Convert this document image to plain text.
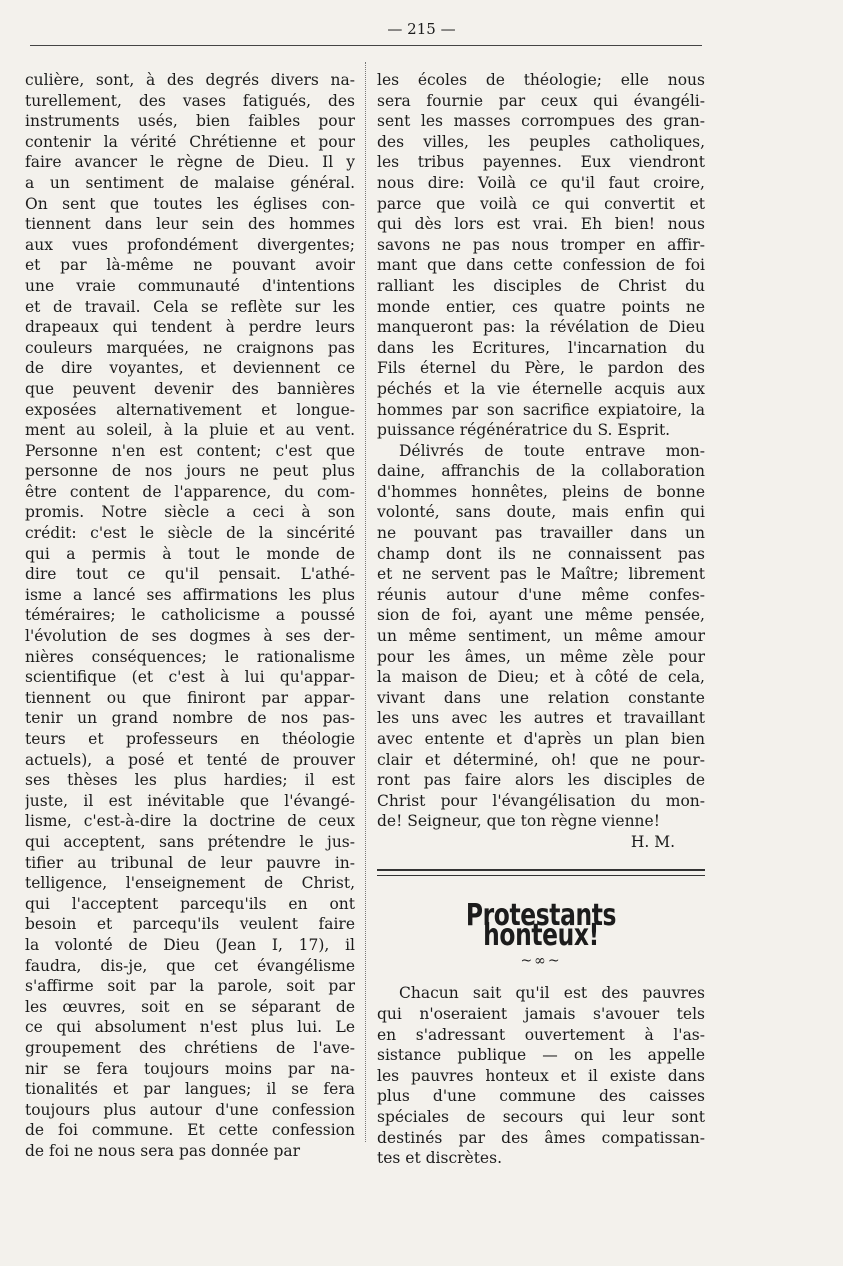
— 215 —
culière, sont, à des degrés divers na-
turellement, des vases fatigués, des
instruments usés, bien faibles pour
contenir la vérité Chrétienne et pour
faire avancer le règne de Dieu. Il y
a un sentiment de malaise général.
On sent que toutes les églises con-
tiennent dans leur sein des hommes
aux vues profondément divergentes;
et par là-même ne pouvant avoir
une vraie communauté d'intentions
et de travail. Cela se reflète sur les
drapeaux qui tendent à perdre leurs
couleurs marquées, ne craignons pas
de dire voyantes, et deviennent ce
que peuvent devenir des bannières
exposées alternativement et longue-
ment au soleil, à la pluie et au vent.
Personne n'en est content; c'est que
personne de nos jours ne peut plus
être content de l'apparence, du com-
promis. Notre siècle a ceci à son
crédit: c'est le siècle de la sincérité
qui a permis à tout le monde de
dire tout ce qu'il pensait. L'athé-
isme a lancé ses affirmations les plus
téméraires; le catholicisme a poussé
l'évolution de ses dogmes à ses der-
nières conséquences; le rationalisme
scientifique (et c'est à lui qu'appar-
tiennent ou que finiront par appar-
tenir un grand nombre de nos pas-
teurs et professeurs en théologie
actuels), a posé et tenté de prouver
ses thèses les plus hardies; il est
juste, il est inévitable que l'évangé-
lisme, c'est-à-dire la doctrine de ceux
qui acceptent, sans prétendre le jus-
tifier au tribunal de leur pauvre in-
telligence, l'enseignement de Christ,
qui l'acceptent parcequ'ils en ont
besoin et parcequ'ils veulent faire
la volonté de Dieu (Jean I, 17), il
faudra, dis-je, que cet évangélisme
s'affirme soit par la parole, soit par
les œuvres, soit en se séparant de
ce qui absolument n'est plus lui. Le
groupement des chrétiens de l'ave-
nir se fera toujours moins par na-
tionalités et par langues; il se fera
toujours plus autour d'une confession
de foi commune. Et cette confession
de foi ne nous sera pas donnée par
les écoles de théologie; elle nous
sera fournie par ceux qui évangéli-
sent les masses corrompues des gran-
des villes, les peuples catholiques,
les tribus payennes. Eux viendront
nous dire: Voilà ce qu'il faut croire,
parce que voilà ce qui convertit et
qui dès lors est vrai. Eh bien! nous
savons ne pas nous tromper en affir-
mant que dans cette confession de foi
ralliant les disciples de Christ du
monde entier, ces quatre points ne
manqueront pas: la révélation de Dieu
dans les Ecritures, l'incarnation du
Fils éternel du Père, le pardon des
péchés et la vie éternelle acquis aux
hommes par son sacrifice expiatoire, la
puissance régénératrice du S. Esprit.
Délivrés de toute entrave mon-
daine, affranchis de la collaboration
d'hommes honnêtes, pleins de bonne
volonté, sans doute, mais enfin qui
ne pouvant pas travailler dans un
champ dont ils ne connaissent pas
et ne servent pas le Maître; librement
réunis autour d'une même confes-
sion de foi, ayant une même pensée,
un même sentiment, un même amour
pour les âmes, un même zèle pour
la maison de Dieu; et à côté de cela,
vivant dans une relation constante
les uns avec les autres et travaillant
avec entente et d'après un plan bien
clair et déterminé, oh! que ne pour-
ront pas faire alors les disciples de
Christ pour l'évangélisation du mon-
de! Seigneur, que ton règne vienne!
H. M.
Protestants honteux!
~∞~
Chacun sait qu'il est des pauvres
qui n'oseraient jamais s'avouer tels
en s'adressant ouvertement à l'as-
sistance publique — on les appelle
les pauvres honteux et il existe dans
plus d'une commune des caisses
spéciales de secours qui leur sont
destinés par des âmes compatissan-
tes et discrètes.
